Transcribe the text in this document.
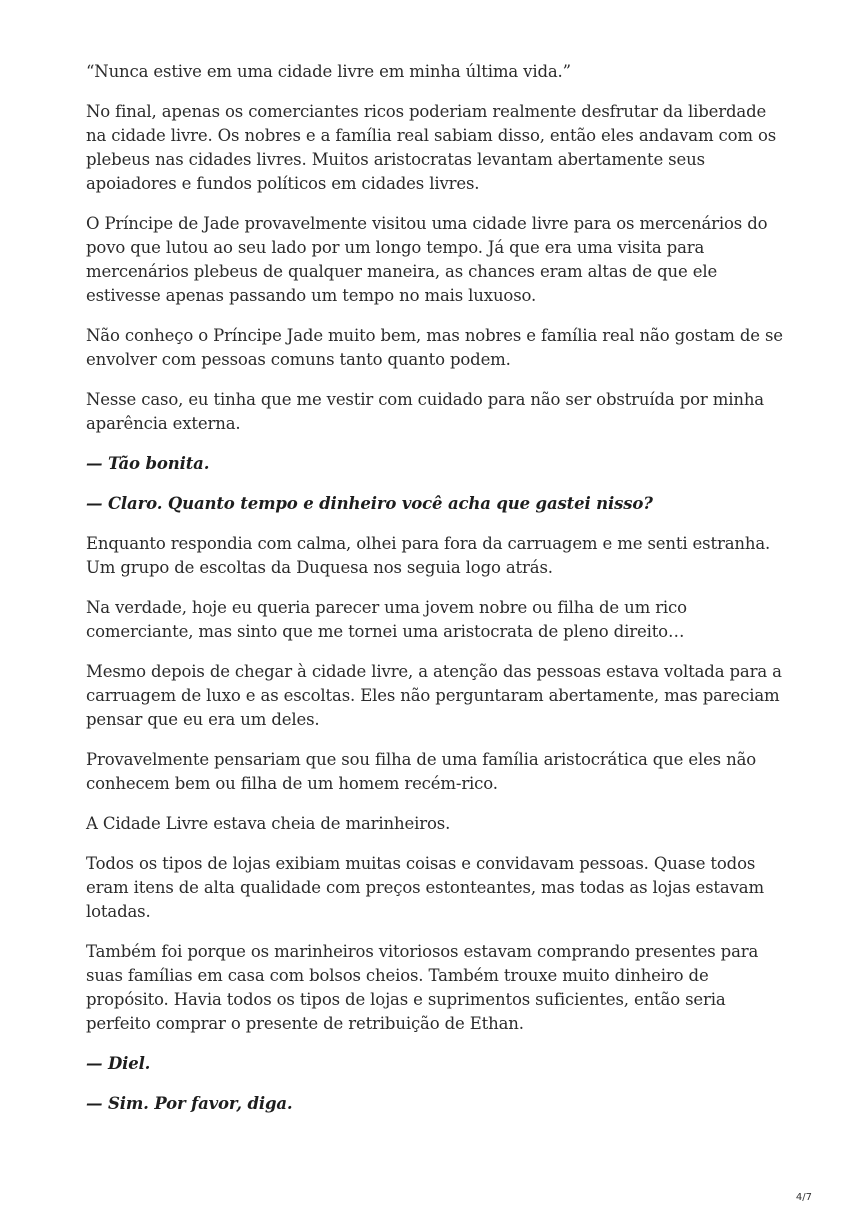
“Nunca estive em uma cidade livre em minha última vida.”

No final, apenas os comerciantes ricos poderiam realmente desfrutar da liberdade na cidade livre. Os nobres e a família real sabiam disso, então eles andavam com os plebeus nas cidades livres. Muitos aristocratas levantam abertamente seus apoiadores e fundos políticos em cidades livres.

O Príncipe de Jade provavelmente visitou uma cidade livre para os mercenários do povo que lutou ao seu lado por um longo tempo. Já que era uma visita para mercenários plebeus de qualquer maneira, as chances eram altas de que ele estivesse apenas passando um tempo no mais luxuoso.

Não conheço o Príncipe Jade muito bem, mas nobres e família real não gostam de se envolver com pessoas comuns tanto quanto podem.

Nesse caso, eu tinha que me vestir com cuidado para não ser obstruída por minha aparência externa.

— Tão bonita.

— Claro. Quanto tempo e dinheiro você acha que gastei nisso?

Enquanto respondia com calma, olhei para fora da carruagem e me senti estranha. Um grupo de escoltas da Duquesa nos seguia logo atrás.

Na verdade, hoje eu queria parecer uma jovem nobre ou filha de um rico comerciante, mas sinto que me tornei uma aristocrata de pleno direito…

Mesmo depois de chegar à cidade livre, a atenção das pessoas estava voltada para a carruagem de luxo e as escoltas. Eles não perguntaram abertamente, mas pareciam pensar que eu era um deles.

Provavelmente pensariam que sou filha de uma família aristocrática que eles não conhecem bem ou filha de um homem recém-rico.

A Cidade Livre estava cheia de marinheiros.

Todos os tipos de lojas exibiam muitas coisas e convidavam pessoas. Quase todos eram itens de alta qualidade com preços estonteantes, mas todas as lojas estavam lotadas.

Também foi porque os marinheiros vitoriosos estavam comprando presentes para suas famílias em casa com bolsos cheios. Também trouxe muito dinheiro de propósito. Havia todos os tipos de lojas e suprimentos suficientes, então seria perfeito comprar o presente de retribuição de Ethan.

— Diel.

— Sim. Por favor, diga.

4/7
